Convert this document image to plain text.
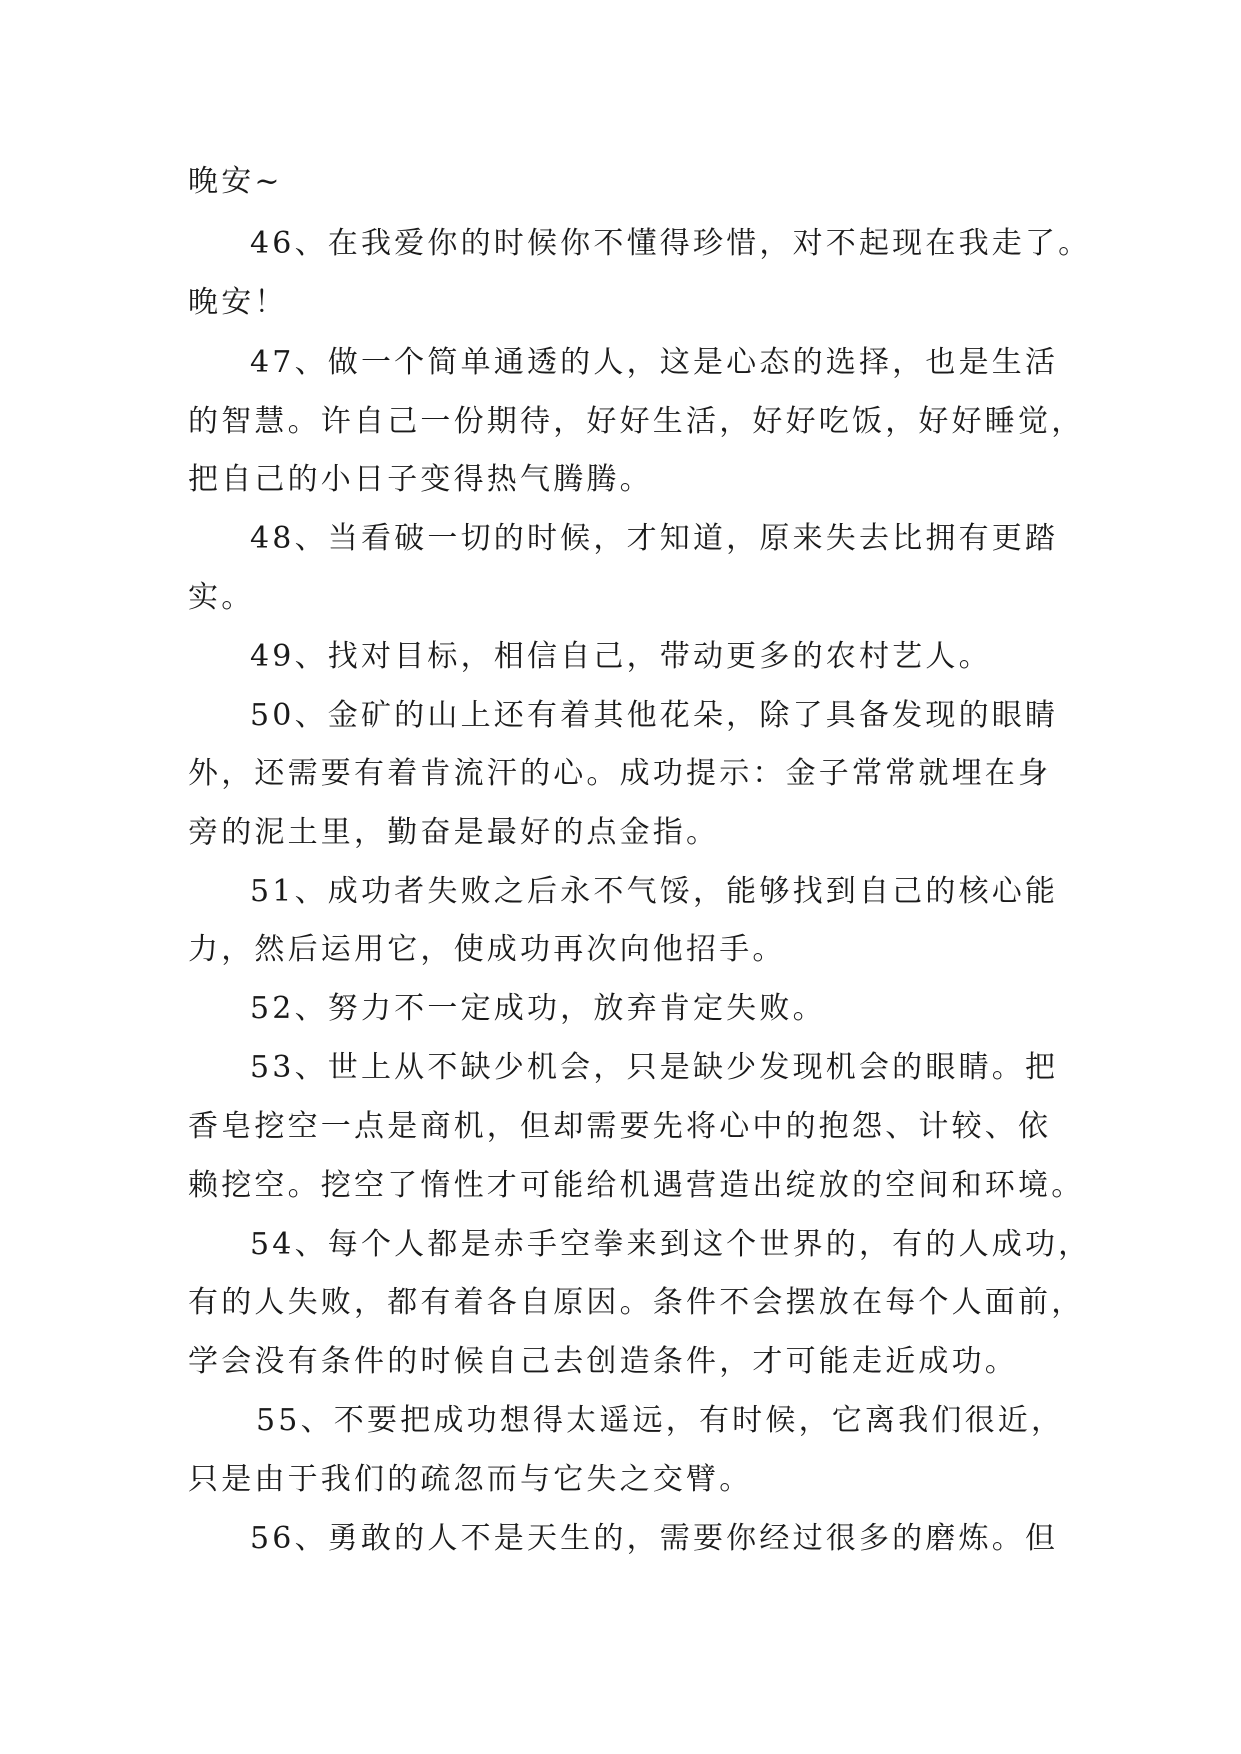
晚安~
46、在我爱你的时候你不懂得珍惜，对不起现在我走了。
晚安！
47、做一个简单通透的人，这是心态的选择，也是生活
的智慧。许自己一份期待，好好生活，好好吃饭，好好睡觉，
把自己的小日子变得热气腾腾。
48、当看破一切的时候，才知道，原来失去比拥有更踏
实。
49、找对目标，相信自己，带动更多的农村艺人。
50、金矿的山上还有着其他花朵，除了具备发现的眼睛
外，还需要有着肯流汗的心。成功提示：金子常常就埋在身
旁的泥土里，勤奋是最好的点金指。
51、成功者失败之后永不气馁，能够找到自己的核心能
力，然后运用它，使成功再次向他招手。
52、努力不一定成功，放弃肯定失败。
53、世上从不缺少机会，只是缺少发现机会的眼睛。把
香皂挖空一点是商机，但却需要先将心中的抱怨、计较、依
赖挖空。挖空了惰性才可能给机遇营造出绽放的空间和环境。
54、每个人都是赤手空拳来到这个世界的，有的人成功，
有的人失败，都有着各自原因。条件不会摆放在每个人面前，
学会没有条件的时候自己去创造条件，才可能走近成功。
55、不要把成功想得太遥远，有时候，它离我们很近，
只是由于我们的疏忽而与它失之交臂。
56、勇敢的人不是天生的，需要你经过很多的磨炼。但
